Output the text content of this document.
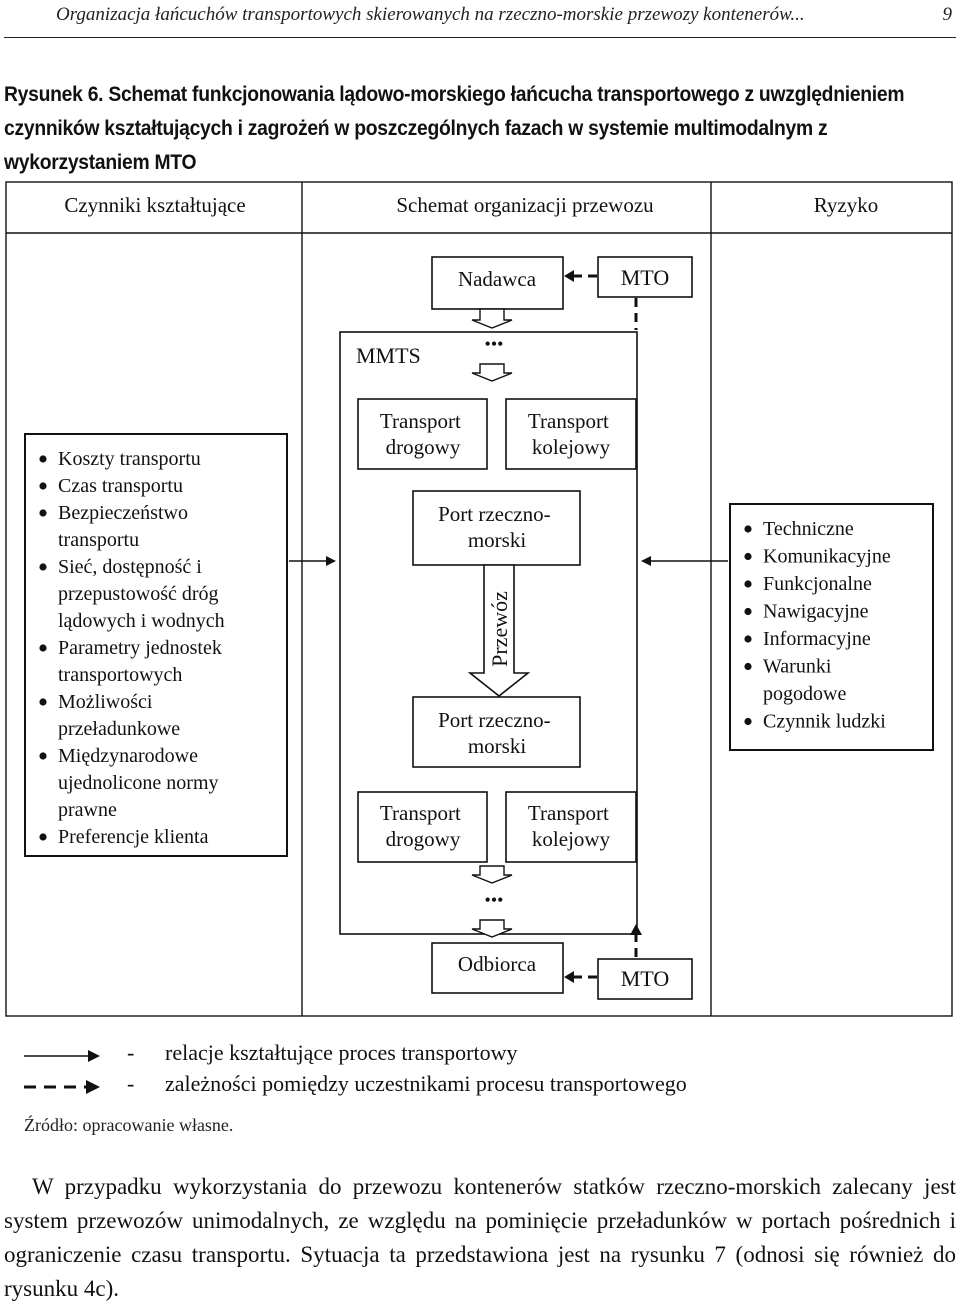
Organizacja łańcuchów transportowych skierowanych na rzeczno-morskie przewozy kontenerów...	9
Rysunek 6. Schemat funkcjonowania lądowo-morskiego łańcucha transportowego z uwzględnieniem czynników kształtujących i zagrożeń w poszczególnych fazach w systemie multimodalnym z wykorzystaniem MTO
Czynniki kształtujące	Schemat organizacji przewozu	Ryzyko
Nadawca	MTO
MMTS	•••
Transport drogowy
Transport kolejowy
Port rzeczno- morski
Przewóz
Port rzeczno- morski
Transport drogowy
Transport kolejowy
•••
Odbiorca
MTO
Koszty transportu
Czas transportu
Bezpieczeństwo
transportu
Sieć, dostępność i
przepustowość dróg
lądowych i wodnych
Parametry jednostek
transportowych
Możliwości
przeładunkowe
Międzynarodowe
ujednolicone normy
prawne
Preferencje klienta
Techniczne
Komunikacyjne
Funkcjonalne
Nawigacyjne
Informacyjne
Warunki
pogodowe
Czynnik ludzki
- relacje kształtujące proces transportowy
- zależności pomiędzy uczestnikami procesu transportowego
Źródło: opracowanie własne.
W przypadku wykorzystania do przewozu kontenerów statków rzeczno-morskich zalecany jest system przewozów unimodalnych, ze względu na pominięcie przeładunków w portach pośrednich i ograniczenie czasu transportu. Sytuacja ta przedstawiona jest na rysunku 7 (odnosi się również do rysunku 4c).
